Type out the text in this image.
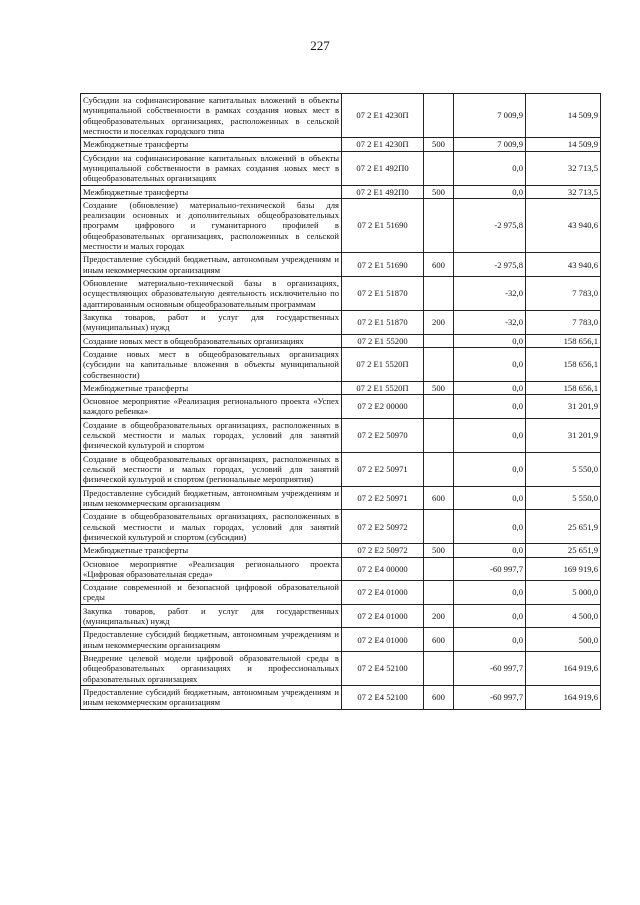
227
Субсидии на софинансирование капитальных вложений в объекты муниципальной собственности в рамках создания новых мест в общеобразовательных организациях, расположенных в сельской местности и поселках городского типа	07 2 E1 4230П		7 009,9	14 509,9
Межбюджетные трансферты	07 2 E1 4230П	500	7 009,9	14 509,9
Субсидии на софинансирование капитальных вложений в объекты муниципальной собственности в рамках создания новых мест в общеобразовательных организациях	07 2 E1 492П0		0,0	32 713,5
Межбюджетные трансферты	07 2 E1 492П0	500	0,0	32 713,5
Создание (обновление) материально-технической базы для реализации основных и дополнительных общеобразовательных программ цифрового и гуманитарного профилей в общеобразовательных организациях, расположенных в сельской местности и малых городах	07 2 E1 51690		-2 975,8	43 940,6
Предоставление субсидий бюджетным, автономным учреждениям и иным некоммерческим организациям	07 2 E1 51690	600	-2 975,8	43 940,6
Обновление материально-технической базы в организациях, осуществляющих образовательную деятельность исключительно по адаптированным основным общеобразовательным программам	07 2 E1 51870		-32,0	7 783,0
Закупка товаров, работ и услуг для государственных (муниципальных) нужд	07 2 E1 51870	200	-32,0	7 783,0
Создание новых мест в общеобразовательных организациях	07 2 E1 55200		0,0	158 656,1
Создание новых мест в общеобразовательных организациях (субсидии на капитальные вложения в объекты муниципальной собственности)	07 2 E1 5520П		0,0	158 656,1
Межбюджетные трансферты	07 2 E1 5520П	500	0,0	158 656,1
Основное мероприятие «Реализация регионального проекта «Успех каждого ребенка»	07 2 E2 00000		0,0	31 201,9
Создание в общеобразовательных организациях, расположенных в сельской местности и малых городах, условий для занятий физической культурой и спортом	07 2 E2 50970		0,0	31 201,9
Создание в общеобразовательных организациях, расположенных в сельской местности и малых городах, условий для занятий физической культурой и спортом (региональные мероприятия)	07 2 E2 50971		0,0	5 550,0
Предоставление субсидий бюджетным, автономным учреждениям и иным некоммерческим организациям	07 2 E2 50971	600	0,0	5 550,0
Создание в общеобразовательных организациях, расположенных в сельской местности и малых городах, условий для занятий физической культурой и спортом (субсидии)	07 2 E2 50972		0,0	25 651,9
Межбюджетные трансферты	07 2 E2 50972	500	0,0	25 651,9
Основное мероприятие «Реализация регионального проекта «Цифровая образовательная среда»	07 2 E4 00000		-60 997,7	169 919,6
Создание современной и безопасной цифровой образовательной среды	07 2 E4 01000		0,0	5 000,0
Закупка товаров, работ и услуг для государственных (муниципальных) нужд	07 2 E4 01000	200	0,0	4 500,0
Предоставление субсидий бюджетным, автономным учреждениям и иным некоммерческим организациям	07 2 E4 01000	600	0,0	500,0
Внедрение целевой модели цифровой образовательной среды в общеобразовательных организациях и профессиональных образовательных организациях	07 2 E4 52100		-60 997,7	164 919,6
Предоставление субсидий бюджетным, автономным учреждениям и иным некоммерческим организациям	07 2 E4 52100	600	-60 997,7	164 919,6
